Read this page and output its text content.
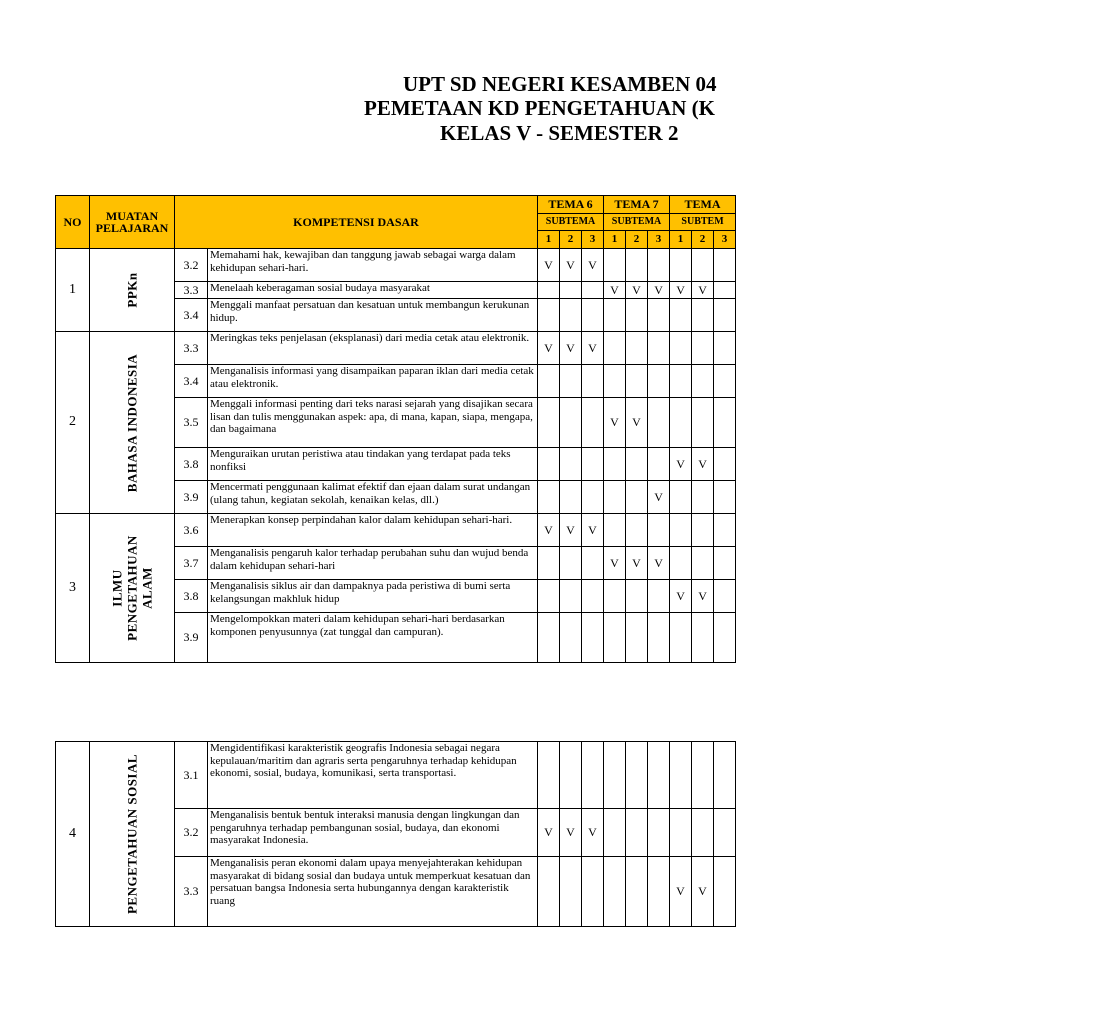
UPT SD NEGERI KESAMBEN 04
PEMETAAN KD PENGETAHUAN (K
KELAS V - SEMESTER 2
NO	MUATAN PELAJARAN	KOMPETENSI DASAR		TEMA 6			TEMA 7			TEMA		
				SUBTEMA			SUBTEMA			SUBTEM		
				1	2	3	1	2	3	1	2	3
1	PPKn	3.2	Memahami hak, kewajiban dan tanggung jawab sebagai warga dalam kehidupan sehari-hari.	V	V	V						
		3.3	Menelaah keberagaman sosial budaya masyarakat				V	V	V	V	V	
		3.4	Menggali manfaat persatuan dan kesatuan untuk membangun kerukunan hidup.									
2	BAHASA INDONESIA	3.3	Meringkas teks penjelasan (eksplanasi) dari media cetak atau elektronik.	V	V	V						
		3.4	Menganalisis informasi yang disampaikan paparan iklan dari media cetak atau elektronik.									
		3.5	Menggali informasi penting dari teks narasi sejarah yang disajikan secara lisan dan tulis menggunakan aspek: apa, di mana, kapan, siapa, mengapa, dan bagaimana				V	V				
		3.8	Menguraikan urutan peristiwa atau tindakan yang terdapat pada teks nonfiksi							V	V	
		3.9	Mencermati penggunaan kalimat efektif dan ejaan dalam surat undangan (ulang tahun, kegiatan sekolah, kenaikan kelas, dll.)						V			
3	ILMU PENGETAHUAN ALAM	3.6	Menerapkan konsep perpindahan kalor dalam kehidupan sehari-hari.	V	V	V						
		3.7	Menganalisis pengaruh kalor terhadap perubahan suhu dan wujud benda dalam kehidupan sehari-hari				V	V	V			
		3.8	Menganalisis siklus air dan dampaknya pada peristiwa di bumi serta kelangsungan makhluk hidup							V	V	
		3.9	Mengelompokkan materi dalam kehidupan sehari-hari berdasarkan komponen penyusunnya (zat tunggal dan campuran).									
4	PENGETAHUAN SOSIAL	3.1	Mengidentifikasi karakteristik geografis Indonesia sebagai negara kepulauan/maritim dan agraris serta pengaruhnya terhadap kehidupan ekonomi, sosial, budaya, komunikasi, serta transportasi.									
		3.2	Menganalisis bentuk bentuk interaksi manusia dengan lingkungan dan pengaruhnya terhadap pembangunan sosial, budaya, dan ekonomi masyarakat Indonesia.	V	V	V						
		3.3	Menganalisis peran ekonomi dalam upaya menyejahterakan kehidupan masyarakat di bidang sosial dan budaya untuk memperkuat kesatuan dan persatuan bangsa Indonesia serta hubungannya dengan karakteristik ruang							V	V	
